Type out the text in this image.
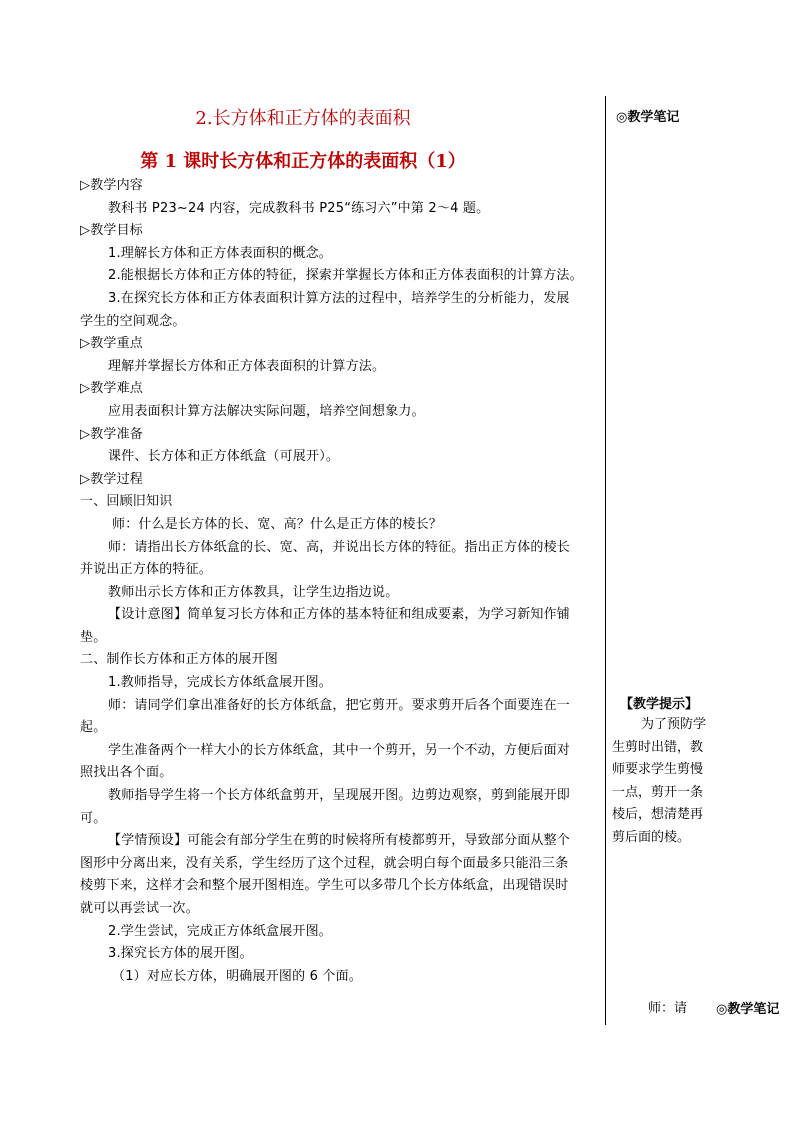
2.长方体和正方体的表面积
第 1 课时长方体和正方体的表面积（1）
◎教学笔记
▷教学内容
教科书 P23~24 内容，完成教科书 P25“练习六”中第 2～4 题。
▷教学目标
1.理解长方体和正方体表面积的概念。
2.能根据长方体和正方体的特征，探索并掌握长方体和正方体表面积的计算方法。
3.在探究长方体和正方体表面积计算方法的过程中，培养学生的分析能力，发展
学生的空间观念。
▷教学重点
理解并掌握长方体和正方体表面积的计算方法。
▷教学难点
应用表面积计算方法解决实际问题，培养空间想象力。
▷教学准备
课件、长方体和正方体纸盒（可展开）。
▷教学过程
一、回顾旧知识
师：什么是长方体的长、宽、高？什么是正方体的棱长？
师：请指出长方体纸盒的长、宽、高，并说出长方体的特征。指出正方体的棱长
并说出正方体的特征。
教师出示长方体和正方体教具，让学生边指边说。
【设计意图】简单复习长方体和正方体的基本特征和组成要素，为学习新知作铺
垫。
二、制作长方体和正方体的展开图
1.教师指导，完成长方体纸盒展开图。
师：请同学们拿出准备好的长方体纸盒，把它剪开。要求剪开后各个面要连在一
起。
学生准备两个一样大小的长方体纸盒，其中一个剪开，另一个不动，方便后面对
照找出各个面。
教师指导学生将一个长方体纸盒剪开，呈现展开图。边剪边观察，剪到能展开即
可。
【学情预设】可能会有部分学生在剪的时候将所有棱都剪开，导致部分面从整个
图形中分离出来，没有关系，学生经历了这个过程，就会明白每个面最多只能沿三条
棱剪下来，这样才会和整个展开图相连。学生可以多带几个长方体纸盒，出现错误时
就可以再尝试一次。
2.学生尝试，完成正方体纸盒展开图。
3.探究长方体的展开图。
（1）对应长方体，明确展开图的 6 个面。
【教学提示】
为了预防学
生剪时出错，教
师要求学生剪慢
一点，剪开一条
棱后，想清楚再
剪后面的棱。
师：请 ◎教学笔记
